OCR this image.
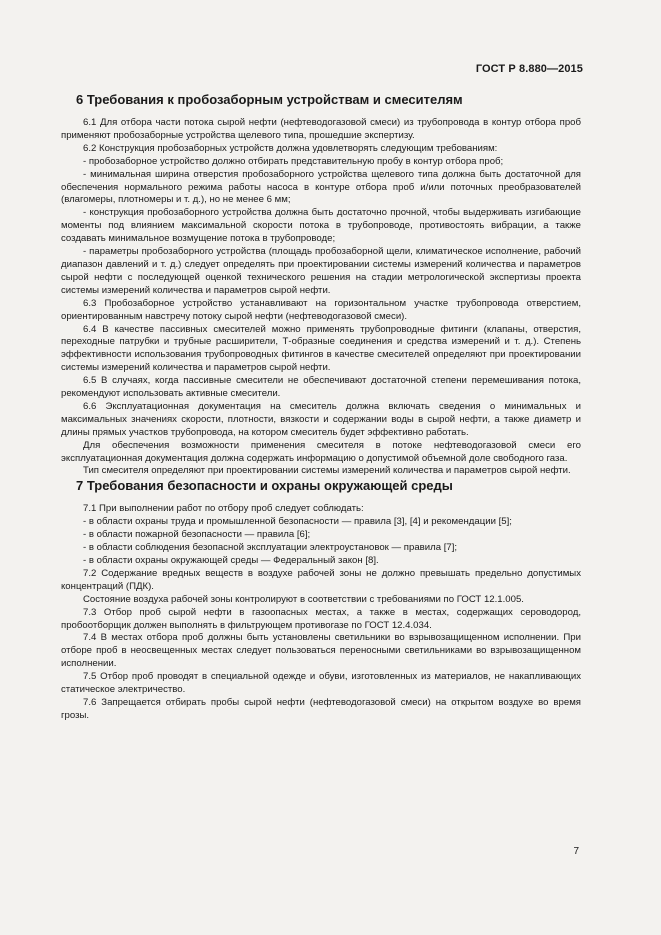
ГОСТ Р 8.880—2015
6 Требования к пробозаборным устройствам и смесителям

6.1 Для отбора части потока сырой нефти (нефтеводогазовой смеси) из трубопровода в контур отбора проб применяют пробозаборные устройства щелевого типа, прошедшие экспертизу.

6.2 Конструкция пробозаборных устройств должна удовлетворять следующим требованиям:

- пробозаборное устройство должно отбирать представительную пробу в контур отбора проб;

- минимальная ширина отверстия пробозаборного устройства щелевого типа должна быть достаточной для обеспечения нормального режима работы насоса в контуре отбора проб и/или поточных преобразователей (влагомеры, плотномеры и т. д.), но не менее 6 мм;

- конструкция пробозаборного устройства должна быть достаточно прочной, чтобы выдерживать изгибающие моменты под влиянием максимальной скорости потока в трубопроводе, противостоять вибрации, а также создавать минимальное возмущение потока в трубопроводе;

- параметры пробозаборного устройства (площадь пробозаборной щели, климатическое исполнение, рабочий диапазон давлений и т. д.) следует определять при проектировании системы измерений количества и параметров сырой нефти с последующей оценкой технического решения на стадии метрологической экспертизы проекта системы измерений количества и параметров сырой нефти.

6.3 Пробозаборное устройство устанавливают на горизонтальном участке трубопровода отверстием, ориентированным навстречу потоку сырой нефти (нефтеводогазовой смеси).

6.4 В качестве пассивных смесителей можно применять трубопроводные фитинги (клапаны, отверстия, переходные патрубки и трубные расширители, Т-образные соединения и средства измерений и т. д.). Степень эффективности использования трубопроводных фитингов в качестве смесителей определяют при проектировании системы измерений количества и параметров сырой нефти.

6.5 В случаях, когда пассивные смесители не обеспечивают достаточной степени перемешивания потока, рекомендуют использовать активные смесители.

6.6 Эксплуатационная документация на смеситель должна включать сведения о минимальных и максимальных значениях скорости, плотности, вязкости и содержании воды в сырой нефти, а также диаметр и длины прямых участков трубопровода, на котором смеситель будет эффективно работать.

Для обеспечения возможности применения смесителя в потоке нефтеводогазовой смеси его эксплуатационная документация должна содержать информацию о допустимой объемной доле свободного газа.

Тип смесителя определяют при проектировании системы измерений количества и параметров сырой нефти.

7 Требования безопасности и охраны окружающей среды

7.1 При выполнении работ по отбору проб следует соблюдать:

- в области охраны труда и промышленной безопасности — правила [3], [4] и рекомендации [5];

- в области пожарной безопасности — правила [6];

- в области соблюдения безопасной эксплуатации электроустановок — правила [7];

- в области охраны окружающей среды — Федеральный закон [8].

7.2 Содержание вредных веществ в воздухе рабочей зоны не должно превышать предельно допустимых концентраций (ПДК).

Состояние воздуха рабочей зоны контролируют в соответствии с требованиями по ГОСТ 12.1.005.

7.3 Отбор проб сырой нефти в газоопасных местах, а также в местах, содержащих сероводород, пробоотборщик должен выполнять в фильтрующем противогазе по ГОСТ 12.4.034.

7.4 В местах отбора проб должны быть установлены светильники во взрывозащищенном исполнении. При отборе проб в неосвещенных местах следует пользоваться переносными светильниками во взрывозащищенном исполнении.

7.5 Отбор проб проводят в специальной одежде и обуви, изготовленных из материалов, не накапливающих статическое электричество.

7.6 Запрещается отбирать пробы сырой нефти (нефтеводогазовой смеси) на открытом воздухе во время грозы.

7
